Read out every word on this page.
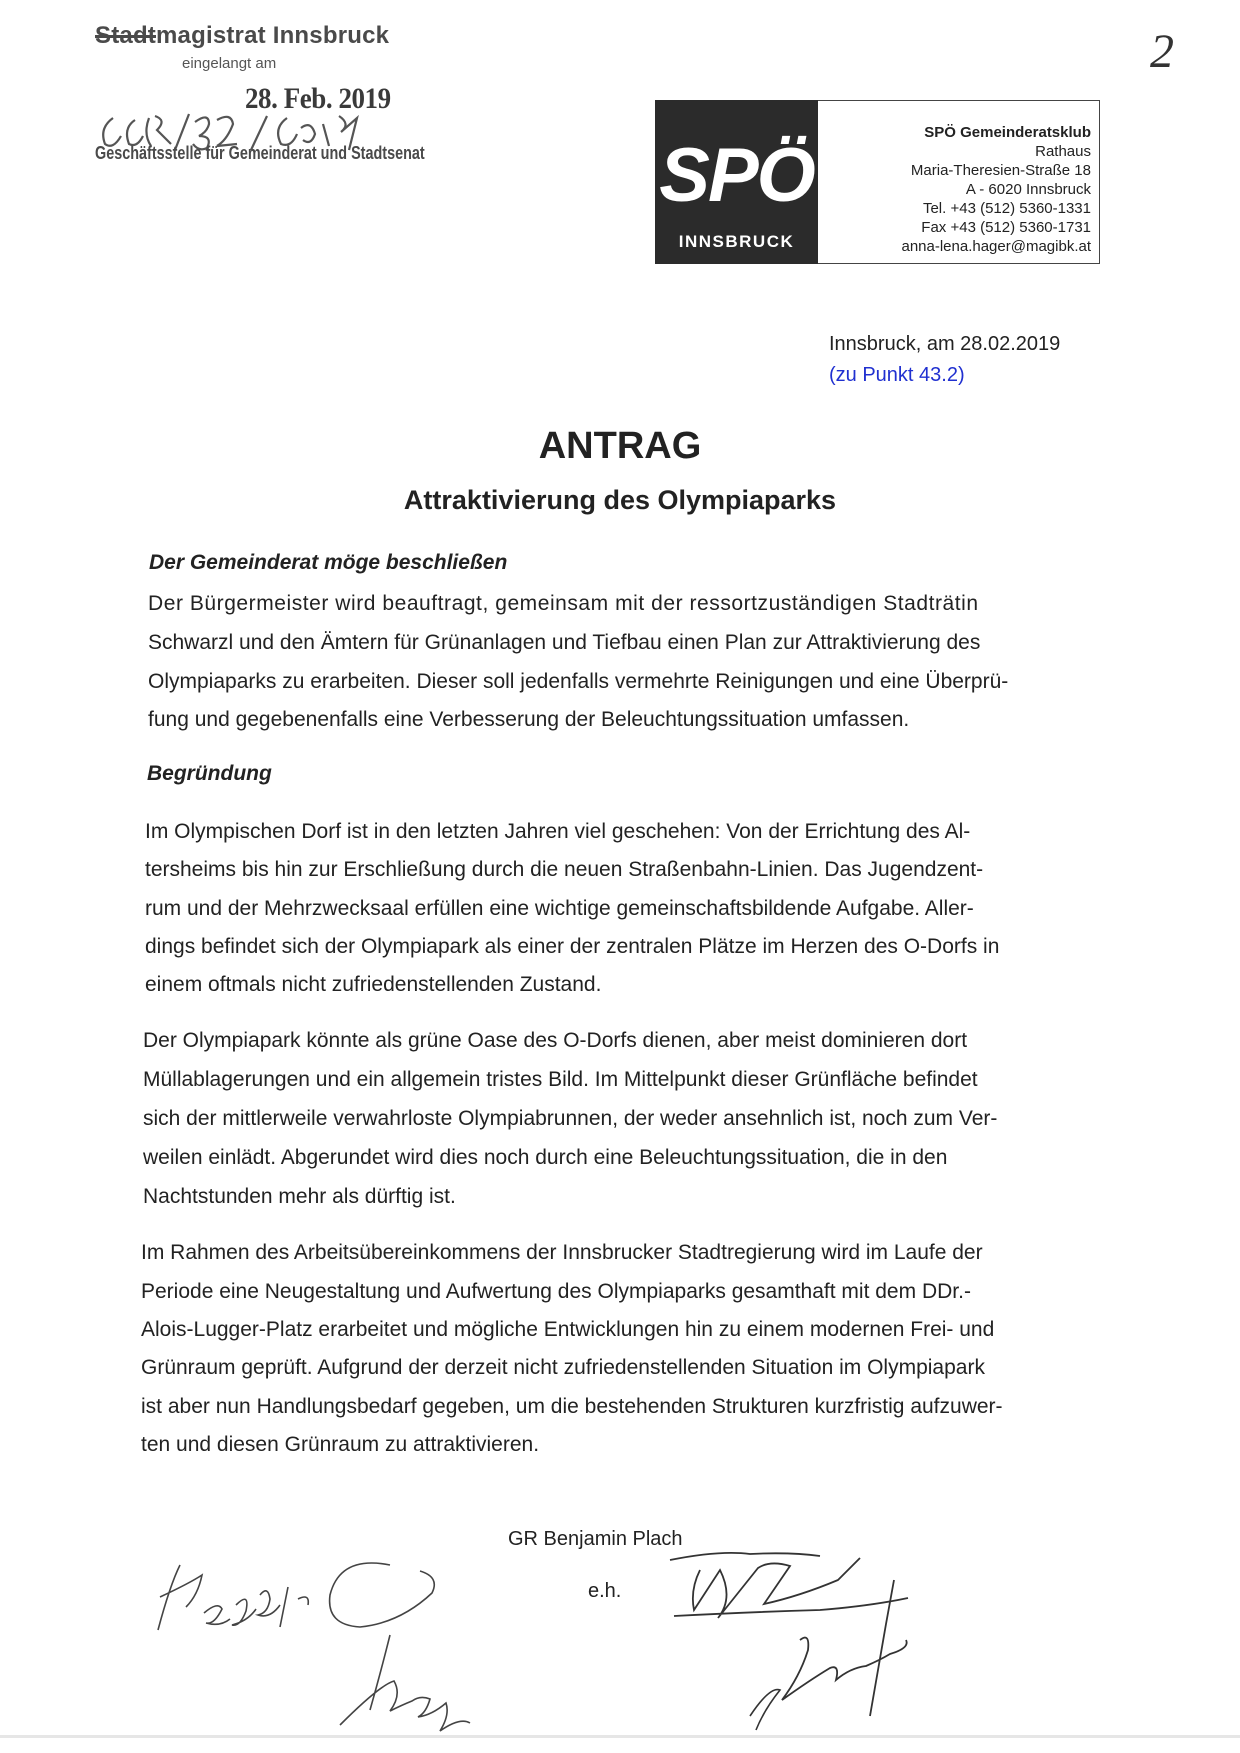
Stadtmagistrat Innsbruck
eingelangt am
28. Feb. 2019
Geschäftsstelle für Gemeinderat und Stadtsenat
2
SPÖ
INNSBRUCK
SPÖ Gemeinderatsklub
Rathaus
Maria-Theresien-Straße 18
A - 6020 Innsbruck
Tel. +43 (512) 5360-1331
Fax +43 (512) 5360-1731
anna-lena.hager@magibk.at
Innsbruck, am 28.02.2019
(zu Punkt 43.2)
ANTRAG
Attraktivierung des Olympiaparks
Der Gemeinderat möge beschließen
Der Bürgermeister wird beauftragt, gemeinsam mit der ressortzuständigen Stadträtin
Schwarzl und den Ämtern für Grünanlagen und Tiefbau einen Plan zur Attraktivierung des
Olympiaparks zu erarbeiten. Dieser soll jedenfalls vermehrte Reinigungen und eine Überprü-
fung und gegebenenfalls eine Verbesserung der Beleuchtungssituation umfassen.
Begründung
Im Olympischen Dorf ist in den letzten Jahren viel geschehen: Von der Errichtung des Al-
tersheims bis hin zur Erschließung durch die neuen Straßenbahn-Linien. Das Jugendzent-
rum und der Mehrzwecksaal erfüllen eine wichtige gemeinschaftsbildende Aufgabe. Aller-
dings befindet sich der Olympiapark als einer der zentralen Plätze im Herzen des O-Dorfs in
einem oftmals nicht zufriedenstellenden Zustand.
Der Olympiapark könnte als grüne Oase des O-Dorfs dienen, aber meist dominieren dort
Müllablagerungen und ein allgemein tristes Bild. Im Mittelpunkt dieser Grünfläche befindet
sich der mittlerweile verwahrloste Olympiabrunnen, der weder ansehnlich ist, noch zum Ver-
weilen einlädt. Abgerundet wird dies noch durch eine Beleuchtungssituation, die in den
Nachtstunden mehr als dürftig ist.
Im Rahmen des Arbeitsübereinkommens der Innsbrucker Stadtregierung wird im Laufe der
Periode eine Neugestaltung und Aufwertung des Olympiaparks gesamthaft mit dem DDr.-
Alois-Lugger-Platz erarbeitet und mögliche Entwicklungen hin zu einem modernen Frei- und
Grünraum geprüft. Aufgrund der derzeit nicht zufriedenstellenden Situation im Olympiapark
ist aber nun Handlungsbedarf gegeben, um die bestehenden Strukturen kurzfristig aufzuwer-
ten und diesen Grünraum zu attraktivieren.
GR Benjamin Plach
e.h.
